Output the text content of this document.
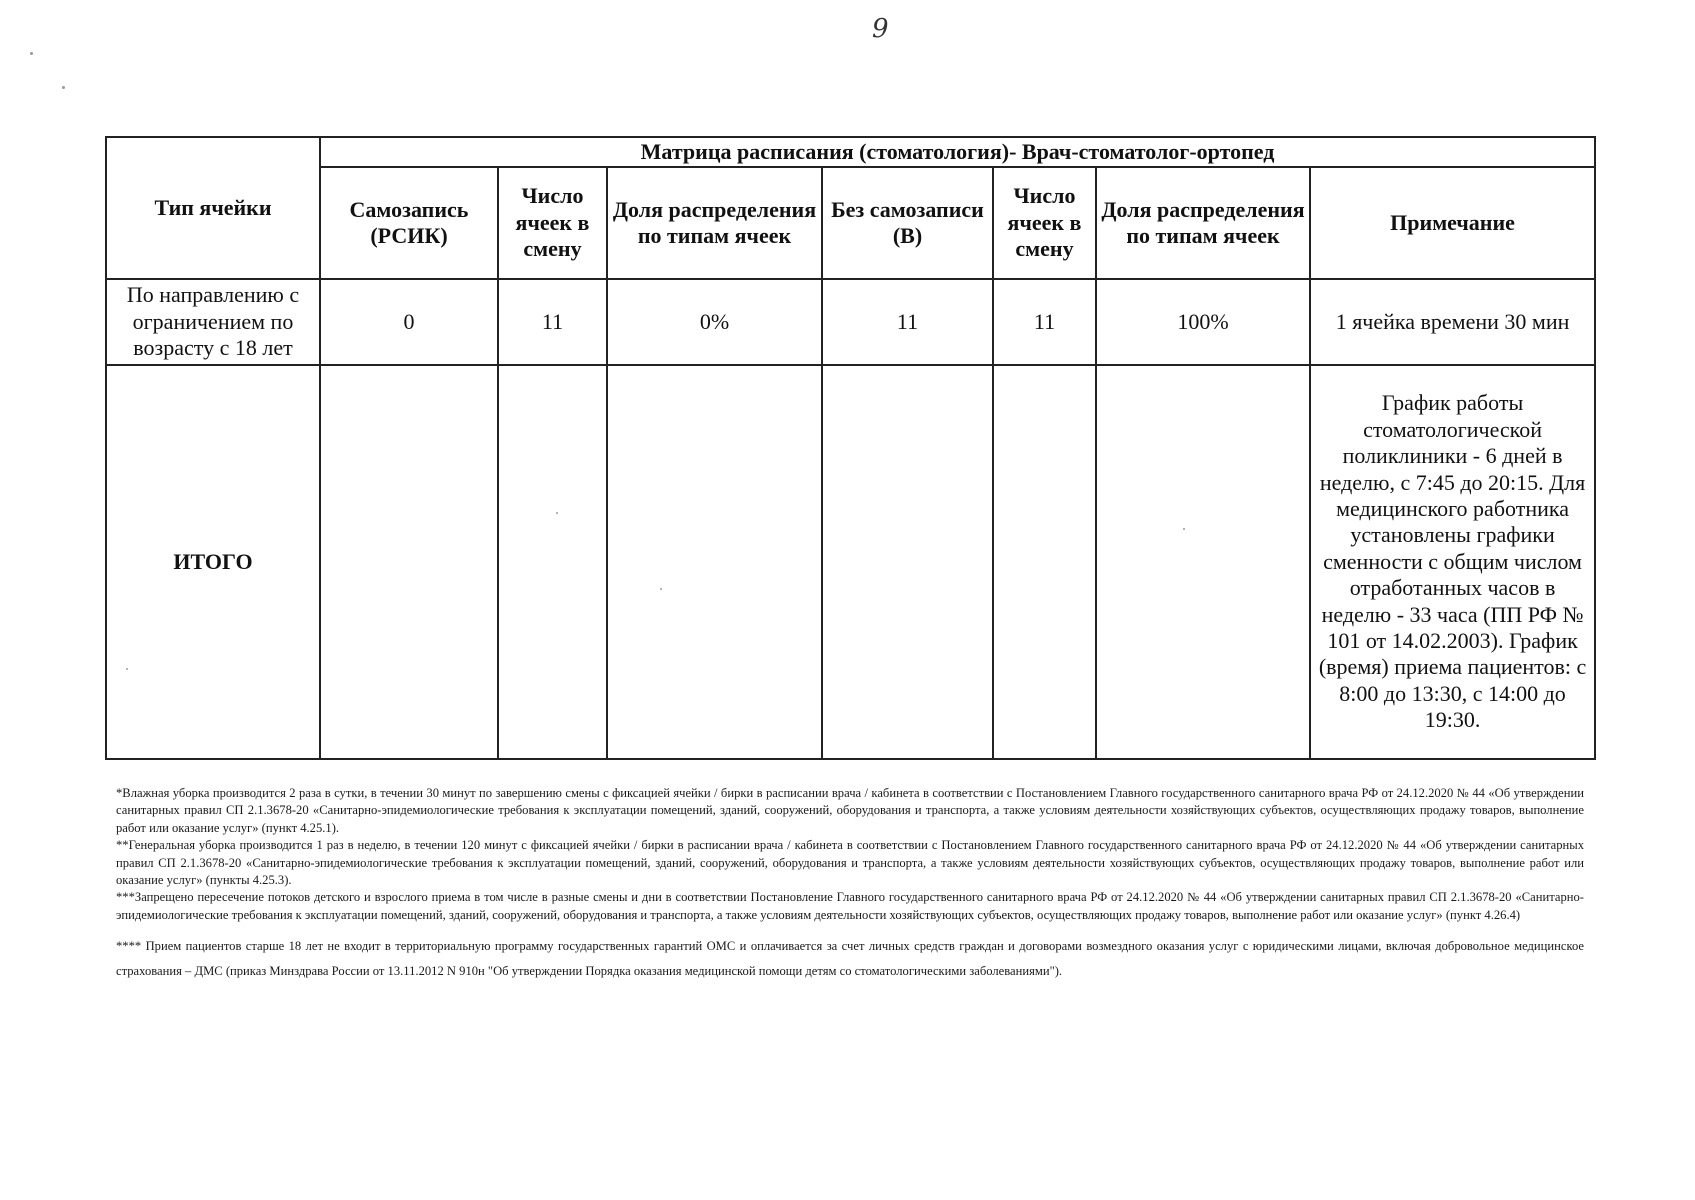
9
Тип ячейки	Матрица расписания (стоматология)- Врач-стоматолог-ортопед						
	Самозапись (РСИК)	Число ячеек в смену	Доля распределения по типам ячеек	Без самозаписи (В)	Число ячеек в смену	Доля распределения по типам ячеек	Примечание
По направлению с ограничением по возрасту с 18 лет	0	11	0%	11	11	100%	1 ячейка времени 30 мин
ИТОГО							График работы стоматологической поликлиники - 6 дней в неделю, с 7:45 до 20:15. Для медицинского работника установлены графики сменности с общим числом отработанных часов в неделю - 33 часа (ПП РФ № 101 от 14.02.2003). График (время) приема пациентов: с 8:00 до 13:30, с 14:00 до 19:30.

*Влажная уборка производится 2 раза в сутки, в течении 30 минут по завершению смены с фиксацией ячейки / бирки в расписании врача / кабинета в соответствии с Постановлением Главного государственного санитарного врача РФ от 24.12.2020 № 44 «Об утверждении санитарных правил СП 2.1.3678-20 «Санитарно-эпидемиологические требования к эксплуатации помещений, зданий, сооружений, оборудования и транспорта, а также условиям деятельности хозяйствующих субъектов, осуществляющих продажу товаров, выполнение работ или оказание услуг» (пункт 4.25.1).

**Генеральная уборка производится 1 раз в неделю, в течении 120 минут с фиксацией ячейки / бирки в расписании врача / кабинета в соответствии с Постановлением Главного государственного санитарного врача РФ от 24.12.2020 № 44 «Об утверждении санитарных правил СП 2.1.3678-20 «Санитарно-эпидемиологические требования к эксплуатации помещений, зданий, сооружений, оборудования и транспорта, а также условиям деятельности хозяйствующих субъектов, осуществляющих продажу товаров, выполнение работ или оказание услуг» (пункты 4.25.3).

***Запрещено пересечение потоков детского и взрослого приема в том числе в разные смены и дни в соответствии Постановление Главного государственного санитарного врача РФ от 24.12.2020 № 44 «Об утверждении санитарных правил СП 2.1.3678-20 «Санитарно-эпидемиологические требования к эксплуатации помещений, зданий, сооружений, оборудования и транспорта, а также условиям деятельности хозяйствующих субъектов, осуществляющих продажу товаров, выполнение работ или оказание услуг» (пункт 4.26.4)

**** Прием пациентов старше 18 лет не входит в территориальную программу государственных гарантий ОМС и оплачивается за счет личных средств граждан и договорами возмездного оказания услуг с юридическими лицами, включая добровольное медицинское страхования – ДМС (приказ Минздрава России от 13.11.2012 N 910н "Об утверждении Порядка оказания медицинской помощи детям со стоматологическими заболеваниями").
